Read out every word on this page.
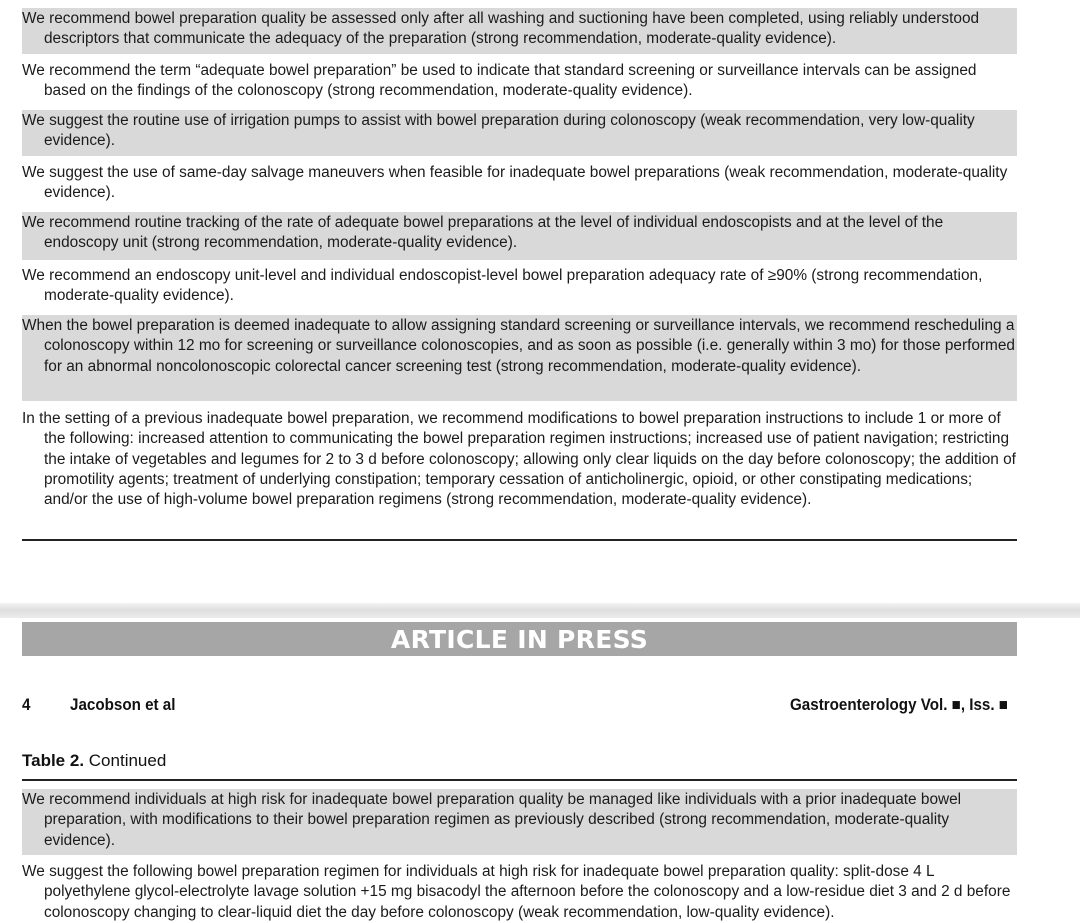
We recommend bowel preparation quality be assessed only after all washing and suctioning have been completed, using reliably understood descriptors that communicate the adequacy of the preparation (strong recommendation, moderate-quality evidence).
We recommend the term “adequate bowel preparation” be used to indicate that standard screening or surveillance intervals can be assigned based on the findings of the colonoscopy (strong recommendation, moderate-quality evidence).
We suggest the routine use of irrigation pumps to assist with bowel preparation during colonoscopy (weak recommendation, very low-quality evidence).
We suggest the use of same-day salvage maneuvers when feasible for inadequate bowel preparations (weak recommendation, moderate-quality evidence).
We recommend routine tracking of the rate of adequate bowel preparations at the level of individual endoscopists and at the level of the endoscopy unit (strong recommendation, moderate-quality evidence).
We recommend an endoscopy unit-level and individual endoscopist-level bowel preparation adequacy rate of ≥90% (strong recommendation, moderate-quality evidence).
When the bowel preparation is deemed inadequate to allow assigning standard screening or surveillance intervals, we recommend rescheduling a colonoscopy within 12 mo for screening or surveillance colonoscopies, and as soon as possible (i.e. generally within 3 mo) for those performed for an abnormal noncolonoscopic colorectal cancer screening test (strong recommendation, moderate-quality evidence).
In the setting of a previous inadequate bowel preparation, we recommend modifications to bowel preparation instructions to include 1 or more of the following: increased attention to communicating the bowel preparation regimen instructions; increased use of patient navigation; restricting the intake of vegetables and legumes for 2 to 3 d before colonoscopy; allowing only clear liquids on the day before colonoscopy; the addition of promotility agents; treatment of underlying constipation; temporary cessation of anticholinergic, opioid, or other constipating medications; and/or the use of high-volume bowel preparation regimens (strong recommendation, moderate-quality evidence).
ARTICLE IN PRESS
4 Jacobson et al	Gastroenterology Vol. ■, Iss. ■
Table 2. Continued
We recommend individuals at high risk for inadequate bowel preparation quality be managed like individuals with a prior inadequate bowel preparation, with modifications to their bowel preparation regimen as previously described (strong recommendation, moderate-quality evidence).
We suggest the following bowel preparation regimen for individuals at high risk for inadequate bowel preparation quality: split-dose 4 L polyethylene glycol-electrolyte lavage solution +15 mg bisacodyl the afternoon before the colonoscopy and a low-residue diet 3 and 2 d before colonoscopy changing to clear-liquid diet the day before colonoscopy (weak recommendation, low-quality evidence).
